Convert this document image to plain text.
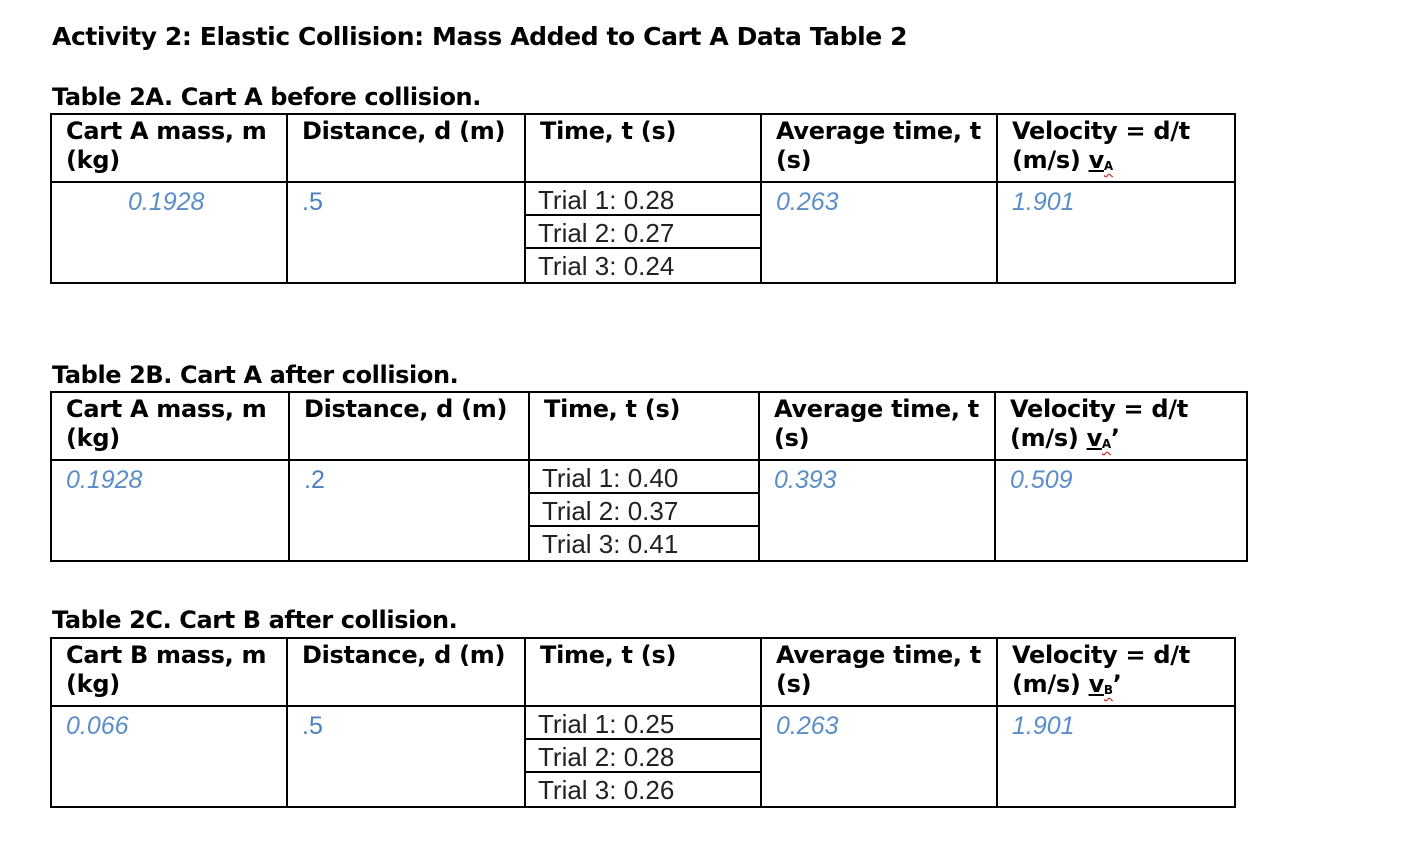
Activity 2: Elastic Collision: Mass Added to Cart A Data Table 2

Table 2A. Cart A before collision.

Cart A mass, m (kg)	Distance, d (m)	Time, t (s)	Average time, t (s)	Velocity = d/t (m/s) vA
0.1928	.5	Trial 1: 0.28
Trial 2: 0.27
Trial 3: 0.24	0.263	1.901

Table 2B. Cart A after collision.

Cart A mass, m (kg)	Distance, d (m)	Time, t (s)	Average time, t (s)	Velocity = d/t (m/s) vA’
0.1928	.2	Trial 1: 0.40
Trial 2: 0.37
Trial 3: 0.41	0.393	0.509

Table 2C. Cart B after collision.

Cart B mass, m (kg)	Distance, d (m)	Time, t (s)	Average time, t (s)	Velocity = d/t (m/s) vB’
0.066	.5	Trial 1: 0.25
Trial 2: 0.28
Trial 3: 0.26	0.263	1.901
